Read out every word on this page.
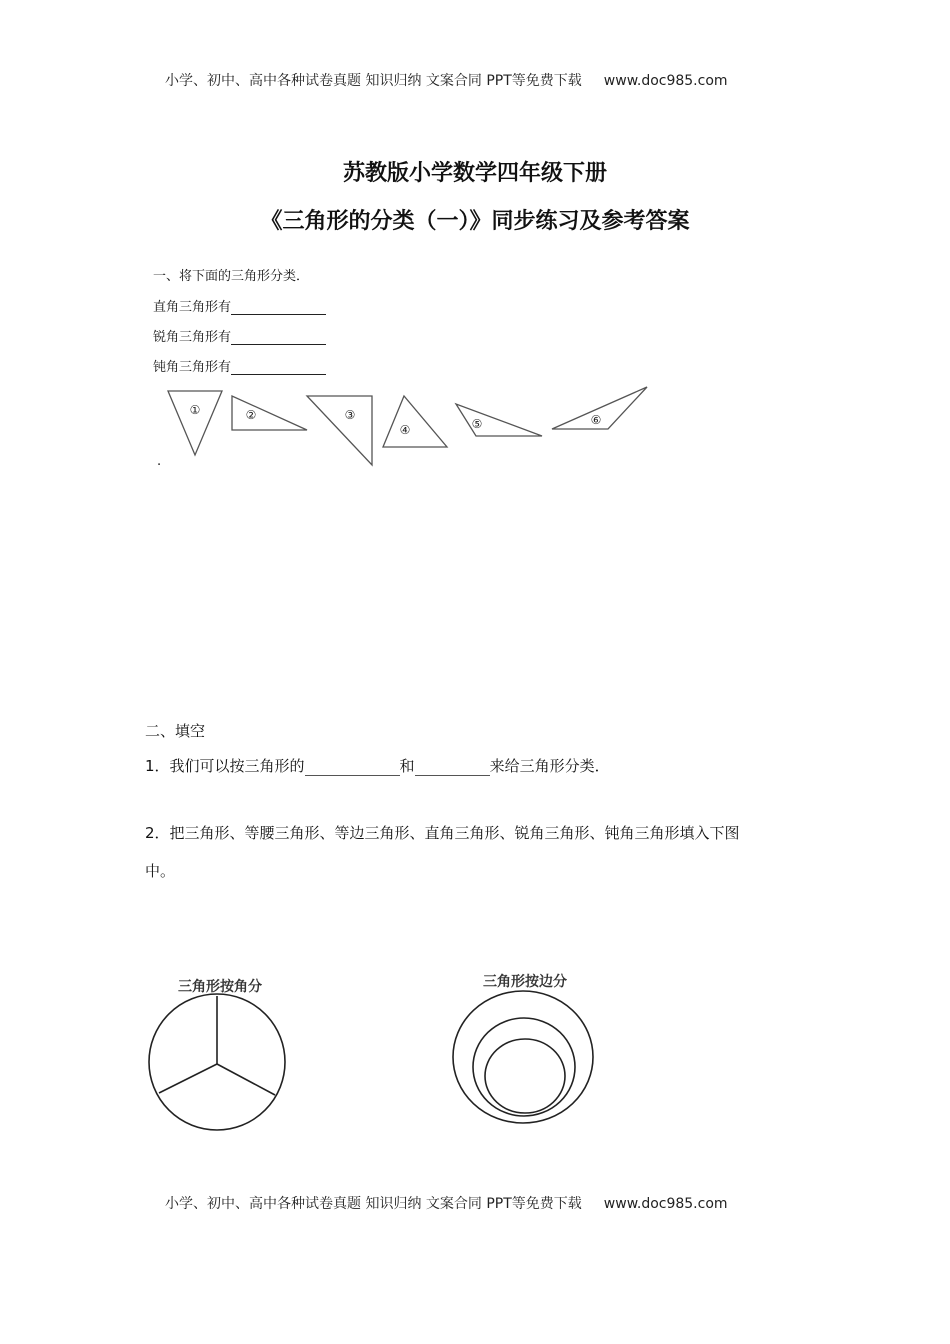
小学、初中、高中各种试卷真题 知识归纳 文案合同 PPT等免费下载 www.doc985.com
苏教版小学数学四年级下册
《三角形的分类（一）》同步练习及参考答案
一、将下面的三角形分类．
直角三角形有
锐角三角形有
钝角三角形有
①	②	③
④	⑤	⑥
三角形按角分	三角形按边分
.
二、填空
1．我们可以按三角形的	和	来给三角形分类．
2．把三角形、等腰三角形、等边三角形、直角三角形、锐角三角形、钝角三角形填入下图
中。
小学、初中、高中各种试卷真题 知识归纳 文案合同 PPT等免费下载 www.doc985.com
